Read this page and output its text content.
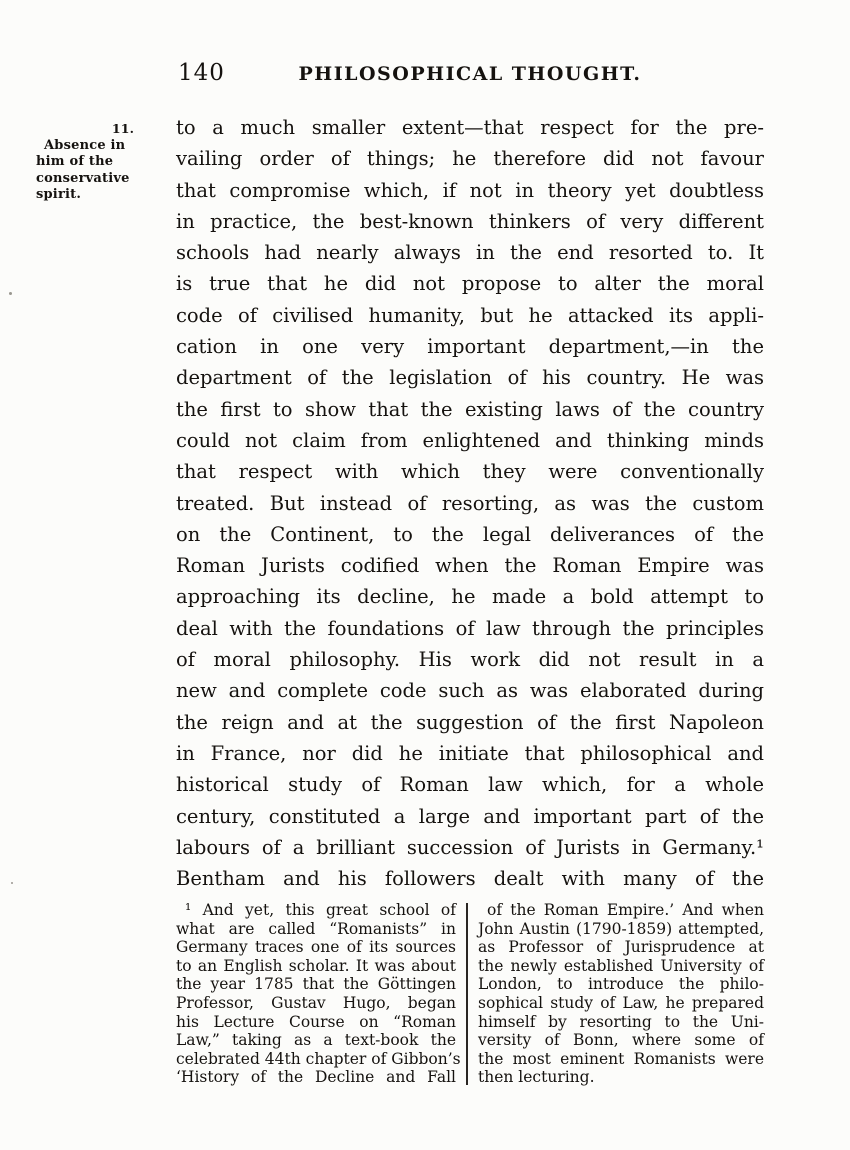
140	PHILOSOPHICAL THOUGHT.
11.
Absence in
him of the
conservative
spirit.
to a much smaller extent—that respect for the pre-
vailing order of things; he therefore did not favour
that compromise which, if not in theory yet doubtless
in practice, the best-known thinkers of very different
schools had nearly always in the end resorted to. It
is true that he did not propose to alter the moral
code of civilised humanity, but he attacked its appli-
cation in one very important department,—in the
department of the legislation of his country. He was
the first to show that the existing laws of the country
could not claim from enlightened and thinking minds
that respect with which they were conventionally
treated. But instead of resorting, as was the custom
on the Continent, to the legal deliverances of the
Roman Jurists codified when the Roman Empire was
approaching its decline, he made a bold attempt to
deal with the foundations of law through the principles
of moral philosophy. His work did not result in a
new and complete code such as was elaborated during
the reign and at the suggestion of the first Napoleon
in France, nor did he initiate that philosophical and
historical study of Roman law which, for a whole
century, constituted a large and important part of the
labours of a brilliant succession of Jurists in Germany.¹
Bentham and his followers dealt with many of the
¹ And yet, this great school of
what are called “Romanists” in
Germany traces one of its sources
to an English scholar. It was about
the year 1785 that the Göttingen
Professor, Gustav Hugo, began
his Lecture Course on “Roman
Law,” taking as a text-book the
celebrated 44th chapter of Gibbon’s
‘History of the Decline and Fall
of the Roman Empire.’ And when
John Austin (1790-1859) attempted,
as Professor of Jurisprudence at
the newly established University of
London, to introduce the philo-
sophical study of Law, he prepared
himself by resorting to the Uni-
versity of Bonn, where some of
the most eminent Romanists were
then lecturing.
